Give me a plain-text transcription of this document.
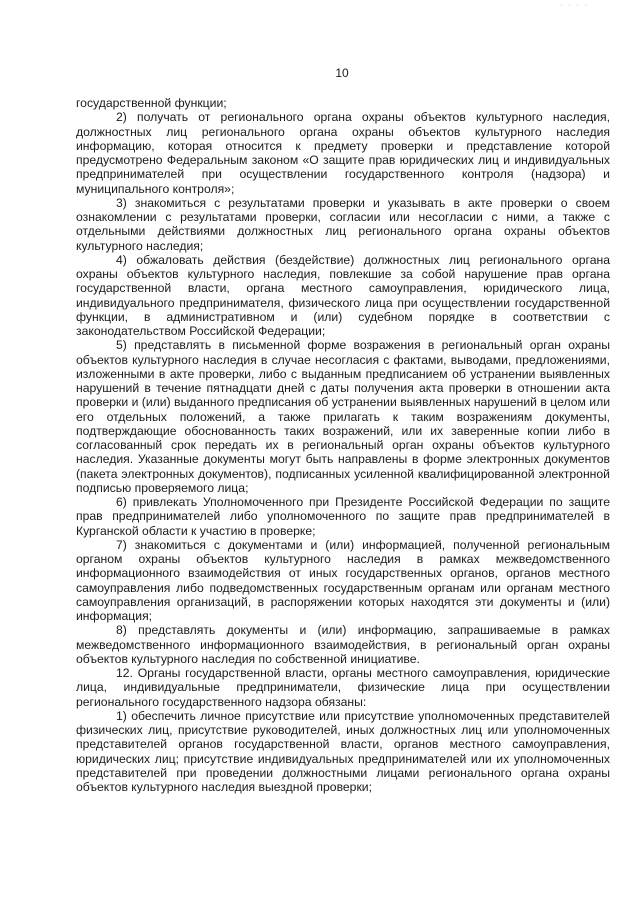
· · · ·
10

государственной функции;

2) получать от регионального органа охраны объектов культурного наследия, должностных лиц регионального органа охраны объектов культурного наследия информацию, которая относится к предмету проверки и представление которой предусмотрено Федеральным законом «О защите прав юридических лиц и индивидуальных предпринимателей при осуществлении государственного контроля (надзора) и муниципального контроля»;

3) знакомиться с результатами проверки и указывать в акте проверки о своем ознакомлении с результатами проверки, согласии или несогласии с ними, а также с отдельными действиями должностных лиц регионального органа охраны объектов культурного наследия;

4) обжаловать действия (бездействие) должностных лиц регионального органа охраны объектов культурного наследия, повлекшие за собой нарушение прав органа государственной власти, органа местного самоуправления, юридического лица, индивидуального предпринимателя, физического лица при осуществлении государственной функции, в административном и (или) судебном порядке в соответствии с законодательством Российской Федерации;

5) представлять в письменной форме возражения в региональный орган охраны объектов культурного наследия в случае несогласия с фактами, выводами, предложениями, изложенными в акте проверки, либо с выданным предписанием об устранении выявленных нарушений в течение пятнадцати дней с даты получения акта проверки в отношении акта проверки и (или) выданного предписания об устранении выявленных нарушений в целом или его отдельных положений, а также прилагать к таким возражениям документы, подтверждающие обоснованность таких возражений, или их заверенные копии либо в согласованный срок передать их в региональный орган охраны объектов культурного наследия. Указанные документы могут быть направлены в форме электронных документов (пакета электронных документов), подписанных усиленной квалифицированной электронной подписью проверяемого лица;

6) привлекать Уполномоченного при Президенте Российской Федерации по защите прав предпринимателей либо уполномоченного по защите прав предпринимателей в Курганской области к участию в проверке;

7) знакомиться с документами и (или) информацией, полученной региональным органом охраны объектов культурного наследия в рамках межведомственного информационного взаимодействия от иных государственных органов, органов местного самоуправления либо подведомственных государственным органам или органам местного самоуправления организаций, в распоряжении которых находятся эти документы и (или) информация;

8) представлять документы и (или) информацию, запрашиваемые в рамках межведомственного информационного взаимодействия, в региональный орган охраны объектов культурного наследия по собственной инициативе.

12. Органы государственной власти, органы местного самоуправления, юридические лица, индивидуальные предприниматели, физические лица при осуществлении регионального государственного надзора обязаны:

1) обеспечить личное присутствие или присутствие уполномоченных представителей физических лиц, присутствие руководителей, иных должностных лиц или уполномоченных представителей органов государственной власти, органов местного самоуправления, юридических лиц; присутствие индивидуальных предпринимателей или их уполномоченных представителей при проведении должностными лицами регионального органа охраны объектов культурного наследия выездной проверки;
